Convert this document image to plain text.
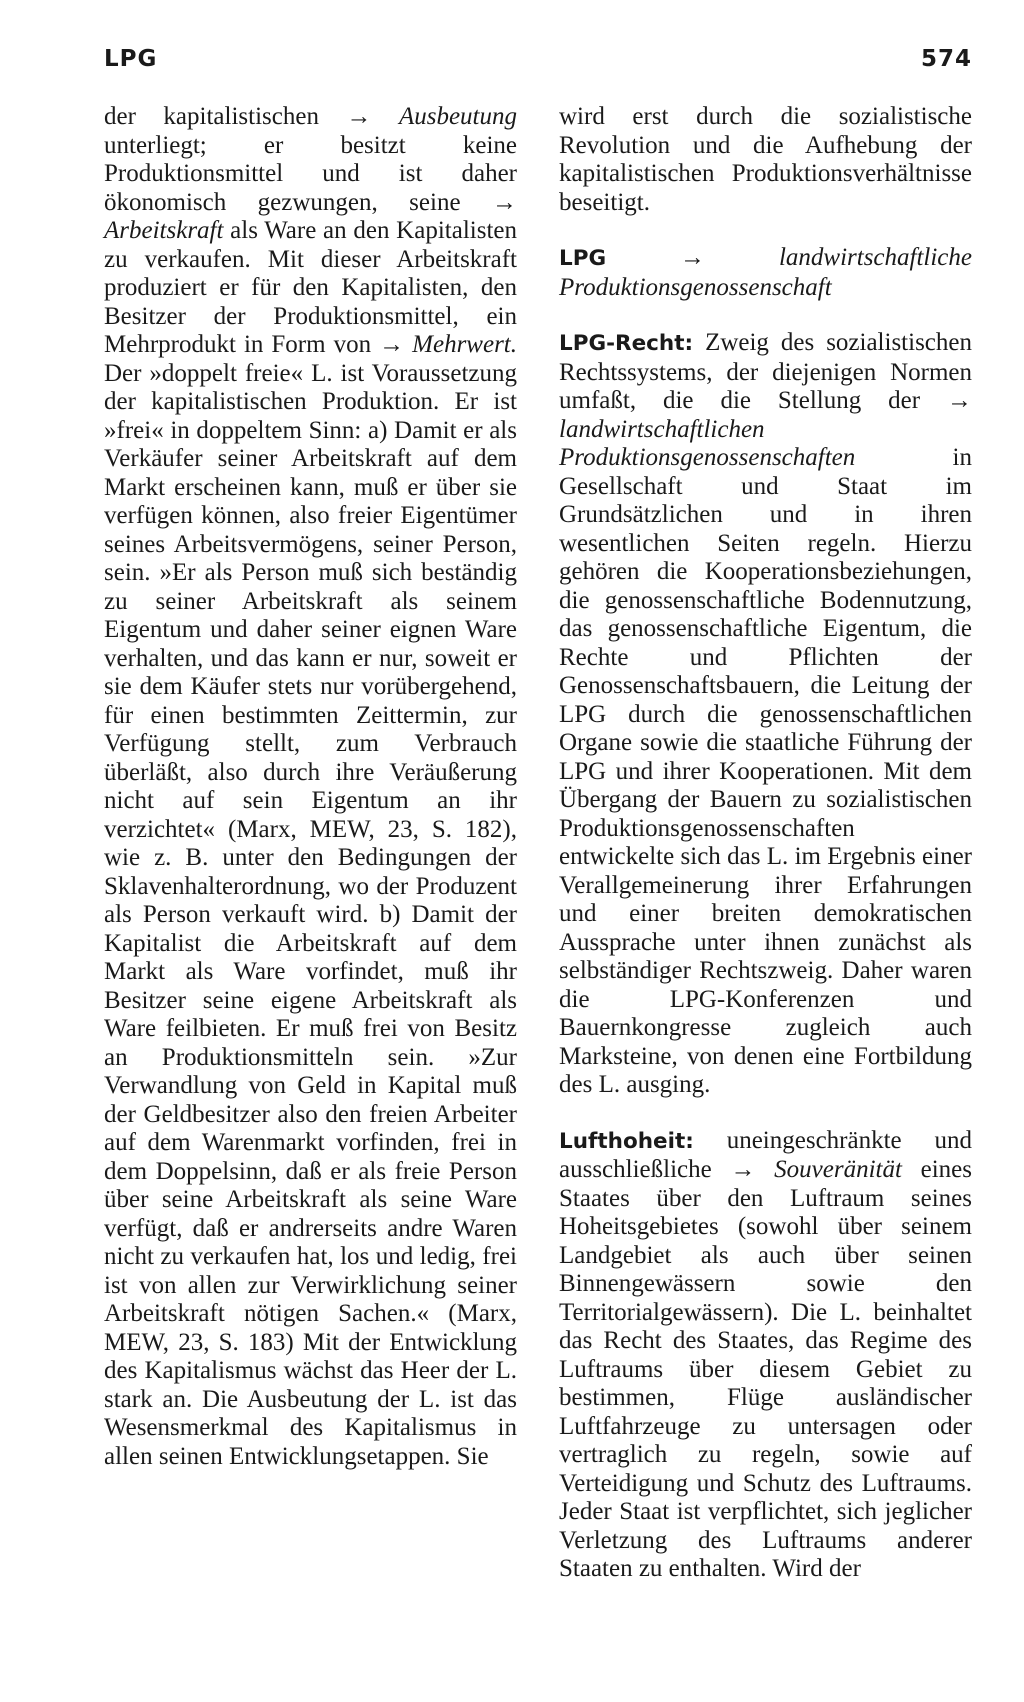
LPG	574

der kapitalistischen → Ausbeutung unterliegt; er besitzt keine Produktionsmittel und ist daher ökonomisch gezwungen, seine → Arbeitskraft als Ware an den Kapitalisten zu verkaufen. Mit dieser Arbeitskraft produziert er für den Kapitalisten, den Besitzer der Produktionsmittel, ein Mehrprodukt in Form von → Mehrwert. Der »doppelt freie« L. ist Voraussetzung der kapitalistischen Produktion. Er ist »frei« in doppeltem Sinn: a) Damit er als Verkäufer seiner Arbeitskraft auf dem Markt erscheinen kann, muß er über sie verfügen können, also freier Eigentümer seines Arbeitsvermögens, seiner Person, sein. »Er als Person muß sich beständig zu seiner Arbeitskraft als seinem Eigentum und daher seiner eignen Ware verhalten, und das kann er nur, soweit er sie dem Käufer stets nur vorübergehend, für einen bestimmten Zeittermin, zur Verfügung stellt, zum Verbrauch überläßt, also durch ihre Veräußerung nicht auf sein Eigentum an ihr verzichtet« (Marx, MEW, 23, S. 182), wie z. B. unter den Bedingungen der Sklavenhalterordnung, wo der Produzent als Person verkauft wird. b) Damit der Kapitalist die Arbeitskraft auf dem Markt als Ware vorfindet, muß ihr Besitzer seine eigene Arbeitskraft als Ware feilbieten. Er muß frei von Besitz an Produktionsmitteln sein. »Zur Verwandlung von Geld in Kapital muß der Geldbesitzer also den freien Arbeiter auf dem Warenmarkt vorfinden, frei in dem Doppelsinn, daß er als freie Person über seine Arbeitskraft als seine Ware verfügt, daß er andrerseits andre Waren nicht zu verkaufen hat, los und ledig, frei ist von allen zur Verwirklichung seiner Arbeitskraft nötigen Sachen.« (Marx, MEW, 23, S. 183) Mit der Entwicklung des Kapitalismus wächst das Heer der L. stark an. Die Ausbeutung der L. ist das Wesensmerkmal des Kapitalismus in allen seinen Entwicklungsetappen. Sie

wird erst durch die sozialistische Revolution und die Aufhebung der kapitalistischen Produktionsverhältnisse beseitigt.

LPG	→	landwirtschaftliche Produktionsgenossenschaft

LPG-Recht: Zweig des sozialistischen Rechtssystems, der diejenigen Normen umfaßt, die die Stellung der → landwirtschaftlichen Produktionsgenossenschaften in Gesellschaft und Staat im Grundsätzlichen und in ihren wesentlichen Seiten regeln. Hierzu gehören die Kooperationsbeziehungen, die genossenschaftliche Bodennutzung, das genossenschaftliche Eigentum, die Rechte und Pflichten der Genossenschaftsbauern, die Leitung der LPG durch die genossenschaftlichen Organe sowie die staatliche Führung der LPG und ihrer Kooperationen. Mit dem Übergang der Bauern zu sozialistischen Produktionsgenossenschaften entwickelte sich das L. im Ergebnis einer Verallgemeinerung ihrer Erfahrungen und einer breiten demokratischen Aussprache unter ihnen zunächst als selbständiger Rechtszweig. Daher waren die LPG-Konferenzen und Bauernkongresse zugleich auch Marksteine, von denen eine Fortbildung des L. ausging.

Lufthoheit: uneingeschränkte und ausschließliche → Souveränität eines Staates über den Luftraum seines Hoheitsgebietes (sowohl über seinem Landgebiet als auch über seinen Binnengewässern sowie den Territorialgewässern). Die L. beinhaltet das Recht des Staates, das Regime des Luftraums über diesem Gebiet zu bestimmen, Flüge ausländischer Luftfahrzeuge zu untersagen oder vertraglich zu regeln, sowie auf Verteidigung und Schutz des Luftraums. Jeder Staat ist verpflichtet, sich jeglicher Verletzung des Luftraums anderer Staaten zu enthalten. Wird der
